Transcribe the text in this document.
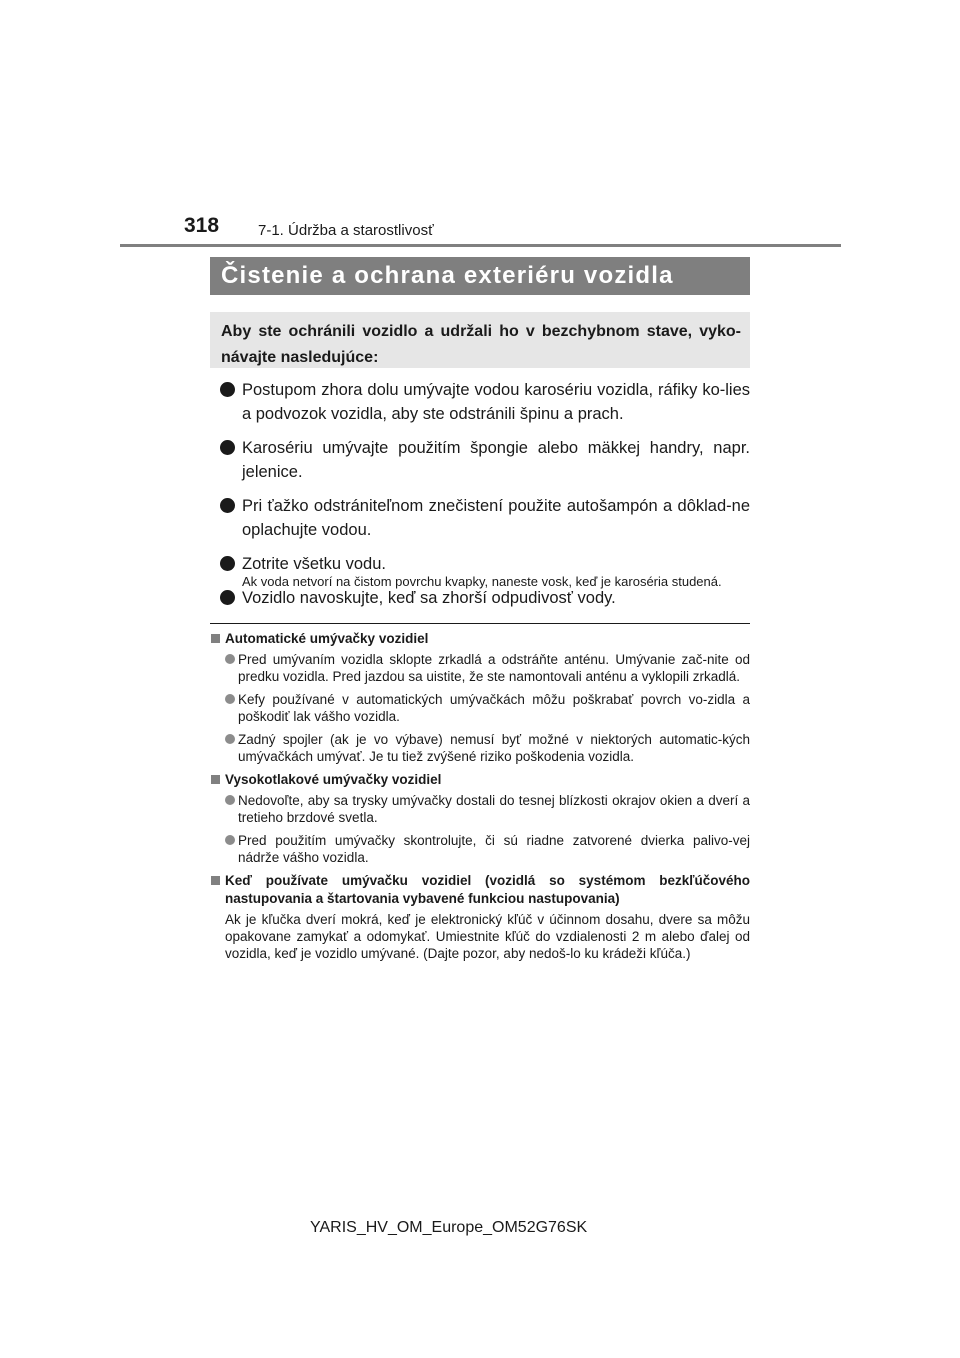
318	7-1. Údržba a starostlivosť
Čistenie a ochrana exteriéru vozidla
Aby ste ochránili vozidlo a udržali ho v bezchybnom stave, vyko-návajte nasledujúce:
Postupom zhora dolu umývajte vodou karosériu vozidla, ráfiky ko-lies a podvozok vozidla, aby ste odstránili špinu a prach.
Karosériu umývajte použitím špongie alebo mäkkej handry, napr. jelenice.
Pri ťažko odstrániteľnom znečistení použite autošampón a dôklad-ne oplachujte vodou.
Zotrite všetku vodu.
Vozidlo navoskujte, keď sa zhorší odpudivosť vody.
Ak voda netvorí na čistom povrchu kvapky, naneste vosk, keď je karoséria studená.
Automatické umývačky vozidiel
Pred umývaním vozidla sklopte zrkadlá a odstráňte anténu. Umývanie zač-nite od predku vozidla. Pred jazdou sa uistite, že ste namontovali anténu a vyklopili zrkadlá.
Kefy používané v automatických umývačkách môžu poškrabať povrch vo-zidla a poškodiť lak vášho vozidla.
Zadný spojler (ak je vo výbave) nemusí byť možné v niektorých automatic-kých umývačkách umývať. Je tu tiež zvýšené riziko poškodenia vozidla.
Vysokotlakové umývačky vozidiel
Nedovoľte, aby sa trysky umývačky dostali do tesnej blízkosti okrajov okien a dverí a tretieho brzdové svetla.
Pred použitím umývačky skontrolujte, či sú riadne zatvorené dvierka palivo-vej nádrže vášho vozidla.
Keď používate umývačku vozidiel (vozidlá so systémom bezkľúčového nastupovania a štartovania vybavené funkciou nastupovania)
Ak je kľučka dverí mokrá, keď je elektronický kľúč v účinnom dosahu, dvere sa môžu opakovane zamykať a odomykať. Umiestnite kľúč do vzdialenosti 2 m alebo ďalej od vozidla, keď je vozidlo umývané. (Dajte pozor, aby nedoš-lo ku krádeži kľúča.)
YARIS_HV_OM_Europe_OM52G76SK
